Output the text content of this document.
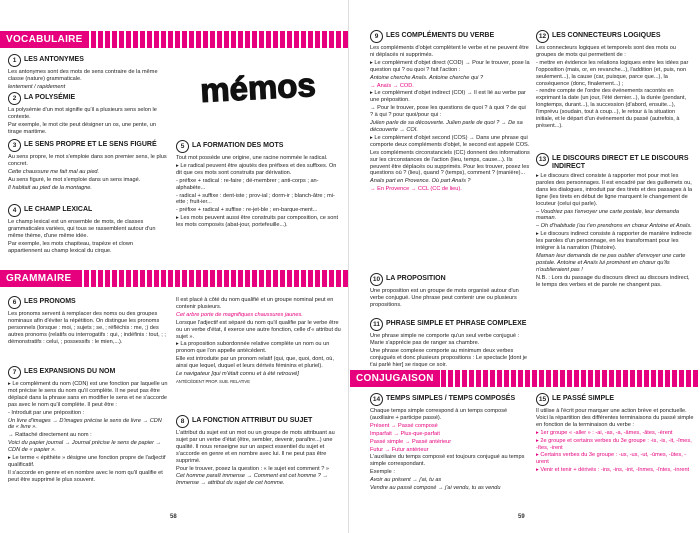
VOCABULAIRE
1	LES ANTONYMES

Les antonymes sont des mots de sens contraire de la même classe (nature) grammaticale.

lentement / rapidement

2	LA POLYSÉMIE

La polysémie d'un mot signifie qu'il a plusieurs sens selon le contexte.

Par exemple, le mot cite peut désigner un os, une pente, un tirage maritime.

3	LE SENS PROPRE ET LE SENS FIGURÉ

Au sens propre, le mot s'emploie dans son premier sens, le plus concret.

Cette chaussure me fait mal au pied.

Au sens figuré, le mot s'emploie dans un sens imagé.

Il habitait au pied de la montagne.

4	LE CHAMP LEXICAL

Le champ lexical est un ensemble de mots, de classes grammaticales variées, qui tous se rassemblent autour d'un même thème, d'une même idée.

Par exemple, les mots chapiteau, trapèze et clown appartiennent au champ lexical du cirque.

mémos
5	LA FORMATION DES MOTS

Tout mot possède une origine, une racine nommée le radical.

▸ Le radical peuvent être ajoutés des préfixes et des suffixes. On dit que ces mots sont construits par dérivation.

- préfixe + radical : re-faire ; dé-membrer ; anti-corps ; an-alphabète...

- radical + suffixe : dent-iste ; prov-ial ; dorm-ir ; blanch-âtre ; mi-ette ; fruit-ier...

- préfixe + radical + suffixe : re-jet-ble ; en-barque-ment...

▸ Les mots peuvent aussi être construits par composition, ce sont les mots composés (abat-jour, portefeuille...).

GRAMMAIRE
6	LES PRONOMS

Les pronoms servent à remplacer des noms ou des groupes nominaux afin d'éviter la répétition. On distingue les pronoms personnels (lorsque : moi, ; sujets ; se, ; réfléchis : me, ;) des autres pronoms (relatifs ou interrogatifs : qui, ; indéfinis : tout, ; ; démonstratifs : celui, ; possessifs : le mien,...).

7	LES EXPANSIONS DU NOM

▸ Le complément du nom (CDN) est une fonction par laquelle un mot précise le sens du nom qu'il complète. Il ne peut pas être déplacé dans la phrase sans en modifier le sens et ne s'accorde pas avec le nom qu'il complète. Il peut être :

- Introduit par une préposition :

Un livre d'images → D'images précise le sens de livre → CDN de « livre ».

→ Rattaché directement au nom :

Voici du papier journal → Journal précise le sens de papier → CDN de « papier ».

▸ Le terme « épithète » désigne une fonction propre de l'adjectif qualificatif.

Il s'accorde en genre et en nombre avec le nom qu'il qualifie et peut être supprimé le plus souvent.

Il est placé à côté du nom qualifié et un groupe nominal peut en contenir plusieurs.

Cet arbre porte de magnifiques chaussures jaunes.

Lorsque l'adjectif est séparé du nom qu'il qualifie par le verbe être ou un verbe d'état, il exerce une autre fonction, celle d'« attribut du sujet ».

▸ La proposition subordonnée relative complète un nom ou un pronom que l'on appelle antécédent.

Elle est introduite par un pronom relatif (qui, que, quoi, dont, où, ainsi que lequel, duquel et leurs dérivés féminins et pluriel).

Le navigateur [qui m'était connu et à été retrouvé]

ANTÉCÉDENT PROP. SUB. RELATIVE

8	LA FONCTION ATTRIBUT DU SUJET

L'attribut du sujet est un mot ou un groupe de mots attribuant au sujet par un verbe d'état (être, sembler, devenir, paraître...) une qualité. Il nous renseigne sur un aspect essentiel du sujet et s'accorde en genre et en nombre avec lui. Il ne peut pas être supprimé.

Pour le trouver, posez la question : « le sujet est comment ? »

Cet homme paraît immense → Comment est cet homme ? → Immense → attribut du sujet de cet homme.

58
9	LES COMPLÉMENTS DU VERBE

Les compléments d'objet complètent le verbe et ne peuvent être ni déplacés ni supprimés.

▸ Le complément d'objet direct (COD) → Pour le trouver, pose la question qui ? ou quoi ? fait l'action :

Antoine cherche Anaïs. Antoine cherche qui ?

→ Anaïs → COD.

▸ Le complément d'objet indirect (COI) → Il est lié au verbe par une préposition.

→ Pour le trouver, pose les questions de quoi ? à quoi ? de qui ? à qui ? pour quoi/pour qui :

Julien parle de sa découverte. Julien parle de quoi ? → De sa découverte → COI.

▸ Le complément d'objet second (COS) → Dans une phrase qui comporte deux compléments d'objet, le second est appelé COS.

Les compléments circonstanciels (CC) donnent des informations sur les circonstances de l'action (lieu, temps, cause...). Ils peuvent être déplacés ou supprimés. Pour les trouver, posez les questions où ? (lieu), quand ? (temps), comment ? (manière)...

Anaïs part en Provence. Où part Anaïs ?

→ En Provence → CCL (CC de lieu).

10 LA PROPOSITION

Une proposition est un groupe de mots organisé autour d'un verbe conjugué. Une phrase peut contenir une ou plusieurs propositions.

11 PHRASE SIMPLE ET PHRASE COMPLEXE

Une phrase simple ne comporte qu'un seul verbe conjugué : Marie s'apprécie pas de ranger sa chambre.

Une phrase complexe comporte au minimum deux verbes conjugués et donc plusieurs propositions : Le spectacle [dont je t'ai parlé hier] se risque ce soir.

12 LES CONNECTEURS LOGIQUES

Les connecteurs logiques et temporels sont des mots ou groupes de mots qui permettent de :

- mettre en évidence les relations logiques entre les idées par l'opposition (mais, or, en revanche...), l'addition (et, puis, non seulement...), la cause (car, puisque, parce que...), la conséquence (donc, finalement...) ;

- rendre compte de l'ordre des événements racontés en exprimant la date (un jour, l'été dernier...), la durée (pendant, longtemps, durant...), la succession (d'abord, ensuite...), l'imprévu (soudain, tout à coup...), le retour à la situation initiale, et le départ d'un événement du passé (autrefois, à présent...).

13 LE DISCOURS DIRECT ET LE DISCOURS INDIRECT

▸ Le discours direct consiste à rapporter mot pour mot les paroles des personnages. Il est encadré par des guillemets ou, dans les dialogues, introduit par des tirets et des passages à la ligne (les tirets en début de ligne marquent le changement de locuteur (celui qui parle).

– Voudriez pas t'envoyer une carte postale, leur demanda maman.

– Oh d'habitude j'ou t'en prendrons en chœur Antoine et Anaïs.

▸ Le discours indirect consiste à rapporter de manière indirecte les paroles d'un personnage, en les transformant pour les intégrer à la narration (l'histoire).

Maman leur demanda de ne pas oublier d'envoyer une carte postale. Antoine et Anaïs lui promirent en chœur qu'ils n'oublieraient pas !

N.B. : Lors du passage du discours direct au discours indirect, le temps des verbes et de parole ne changent pas.

CONJUGAISON
14 TEMPS SIMPLES / TEMPS COMPOSÉS

Chaque temps simple correspond à un temps composé (auxiliaire + participe passé).

Présent → Passé composé

Imparfait → Plus-que-parfait

Passé simple → Passé antérieur

Futur → Futur antérieur

L'auxiliaire du temps composé est toujours conjugué au temps simple correspondant.

Exemple :

Avoir au présent → j'ai, tu as

Vendre au passé composé → j'ai vendu, tu as vendu

15 LE PASSÉ SIMPLE

Il utilise à l'écrit pour marquer une action brève et ponctuelle. Voici la répartition des différentes terminaisons du passé simple en fonction de la terminaison du verbe :

▸ 1er groupe « -aller » : -ai, -as, -a, -âmes, -âtes, -èrent

▸ 2e groupe et certains verbes du 3e groupe : -is, -is, -it, -îmes, -îtes, -irent

▸ Certains verbes du 3e groupe : -us, -us, -ut, -ûmes, -ûtes, -urent

▸ Venir et tenir + dérivés : -ins, -ins, -int, -înmes, -întes, -inrent

59
